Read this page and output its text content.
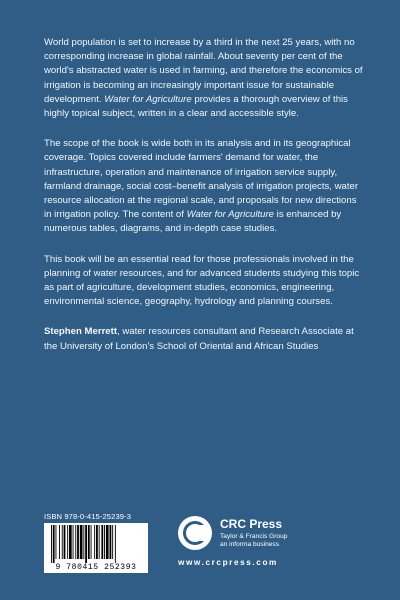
World population is set to increase by a third in the next 25 years, with no corresponding increase in global rainfall. About seventy per cent of the world's abstracted water is used in farming, and therefore the economics of irrigation is becoming an increasingly important issue for sustainable development. Water for Agriculture provides a thorough overview of this highly topical subject, written in a clear and accessible style.

The scope of the book is wide both in its analysis and in its geographical coverage. Topics covered include farmers' demand for water, the infrastructure, operation and maintenance of irrigation service supply, farmland drainage, social cost–benefit analysis of irrigation projects, water resource allocation at the regional scale, and proposals for new directions in irrigation policy. The content of Water for Agriculture is enhanced by numerous tables, diagrams, and in-depth case studies.

This book will be an essential read for those professionals involved in the planning of water resources, and for advanced students studying this topic as part of agriculture, development studies, economics, engineering, environmental science, geography, hydrology and planning courses.

Stephen Merrett, water resources consultant and Research Associate at the University of London's School of Oriental and African Studies

ISBN 978-0-415-25239-3
9 780415 252393
CRC Press
Taylor & Francis Group
an informa business
www.crcpress.com
